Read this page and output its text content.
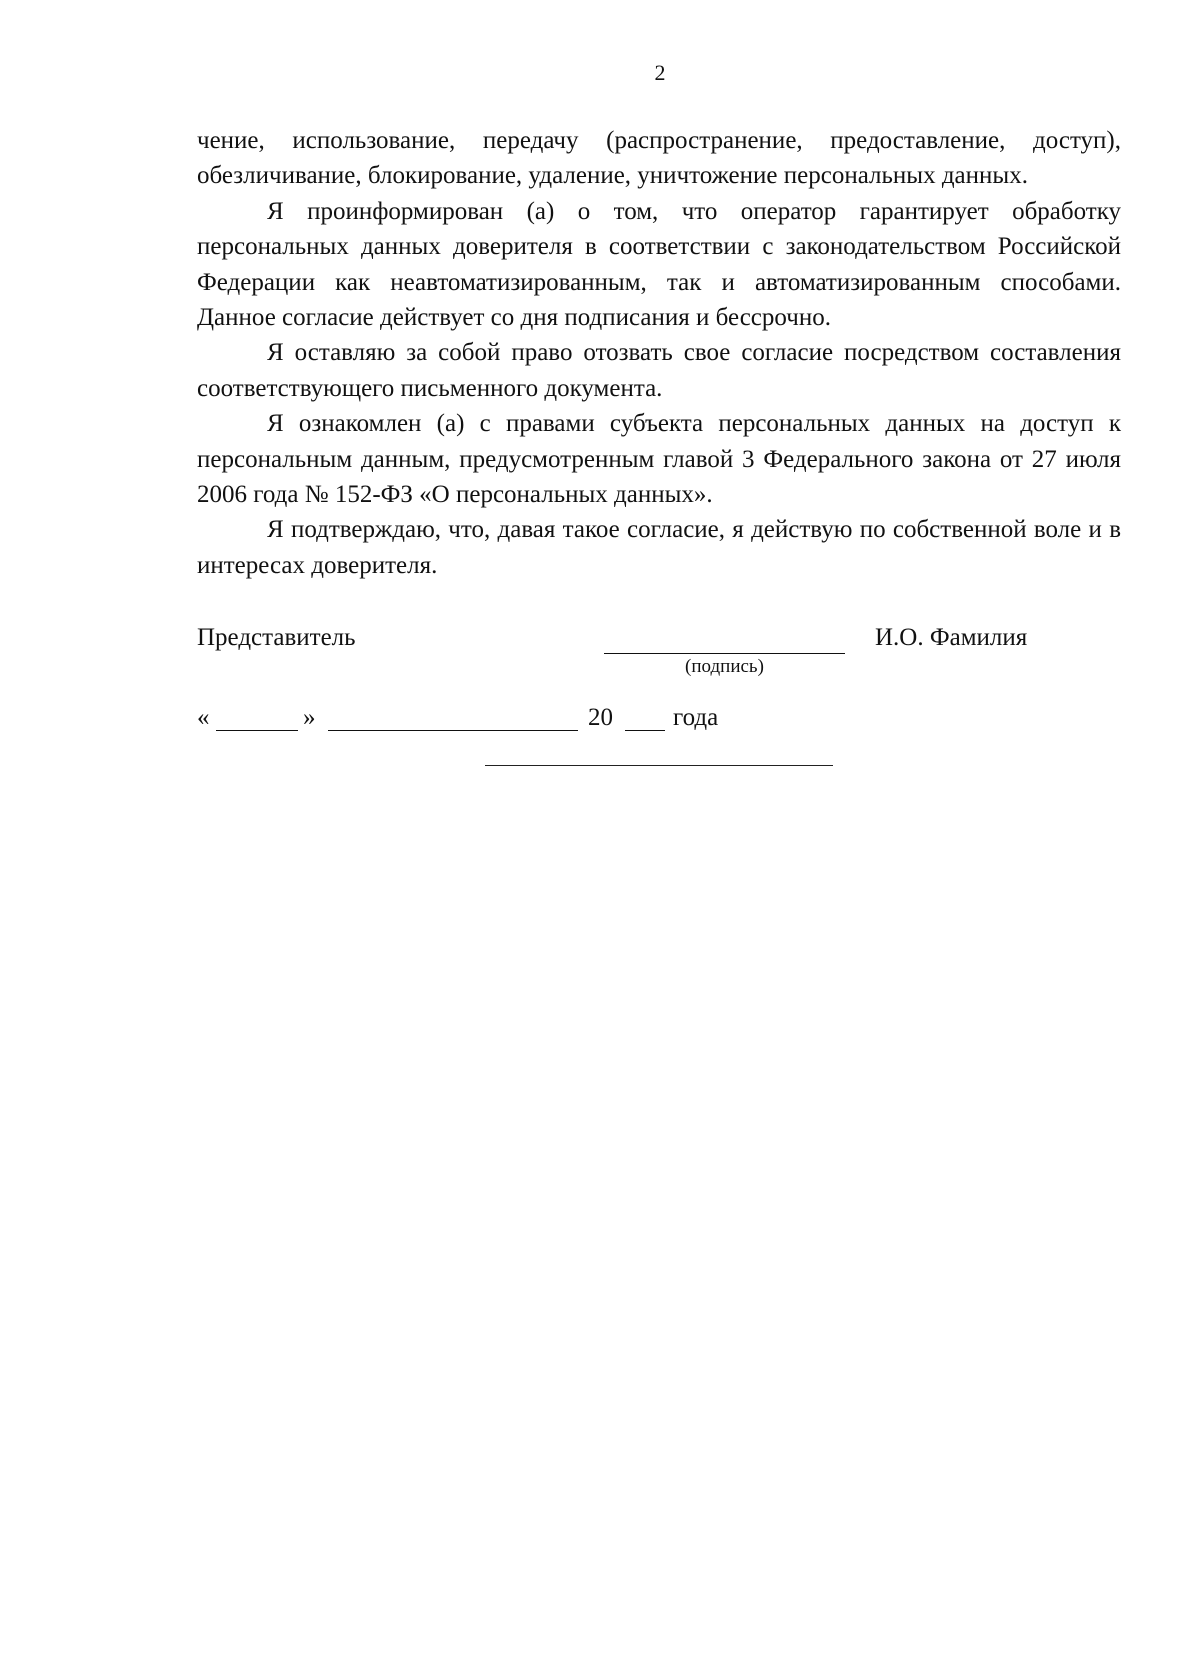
2

чение, использование, передачу (распространение, предоставление, доступ), обезличивание, блокирование, удаление, уничтожение персональных данных.

Я проинформирован (а) о том, что оператор гарантирует обработку персональных данных доверителя в соответствии с законодательством Российской Федерации как неавтоматизированным, так и автоматизированным способами. Данное согласие действует со дня подписания и бессрочно.

Я оставляю за собой право отозвать свое согласие посредством составления соответствующего письменного документа.

Я ознакомлен (а) с правами субъекта персональных данных на доступ к персональным данным, предусмотренным главой 3 Федерального закона от 27 июля 2006 года № 152-ФЗ «О персональных данных».

Я подтверждаю, что, давая такое согласие, я действую по собственной воле и в интересах доверителя.

Представитель
(подпись)
И.О. Фамилия
«	»	20 года
